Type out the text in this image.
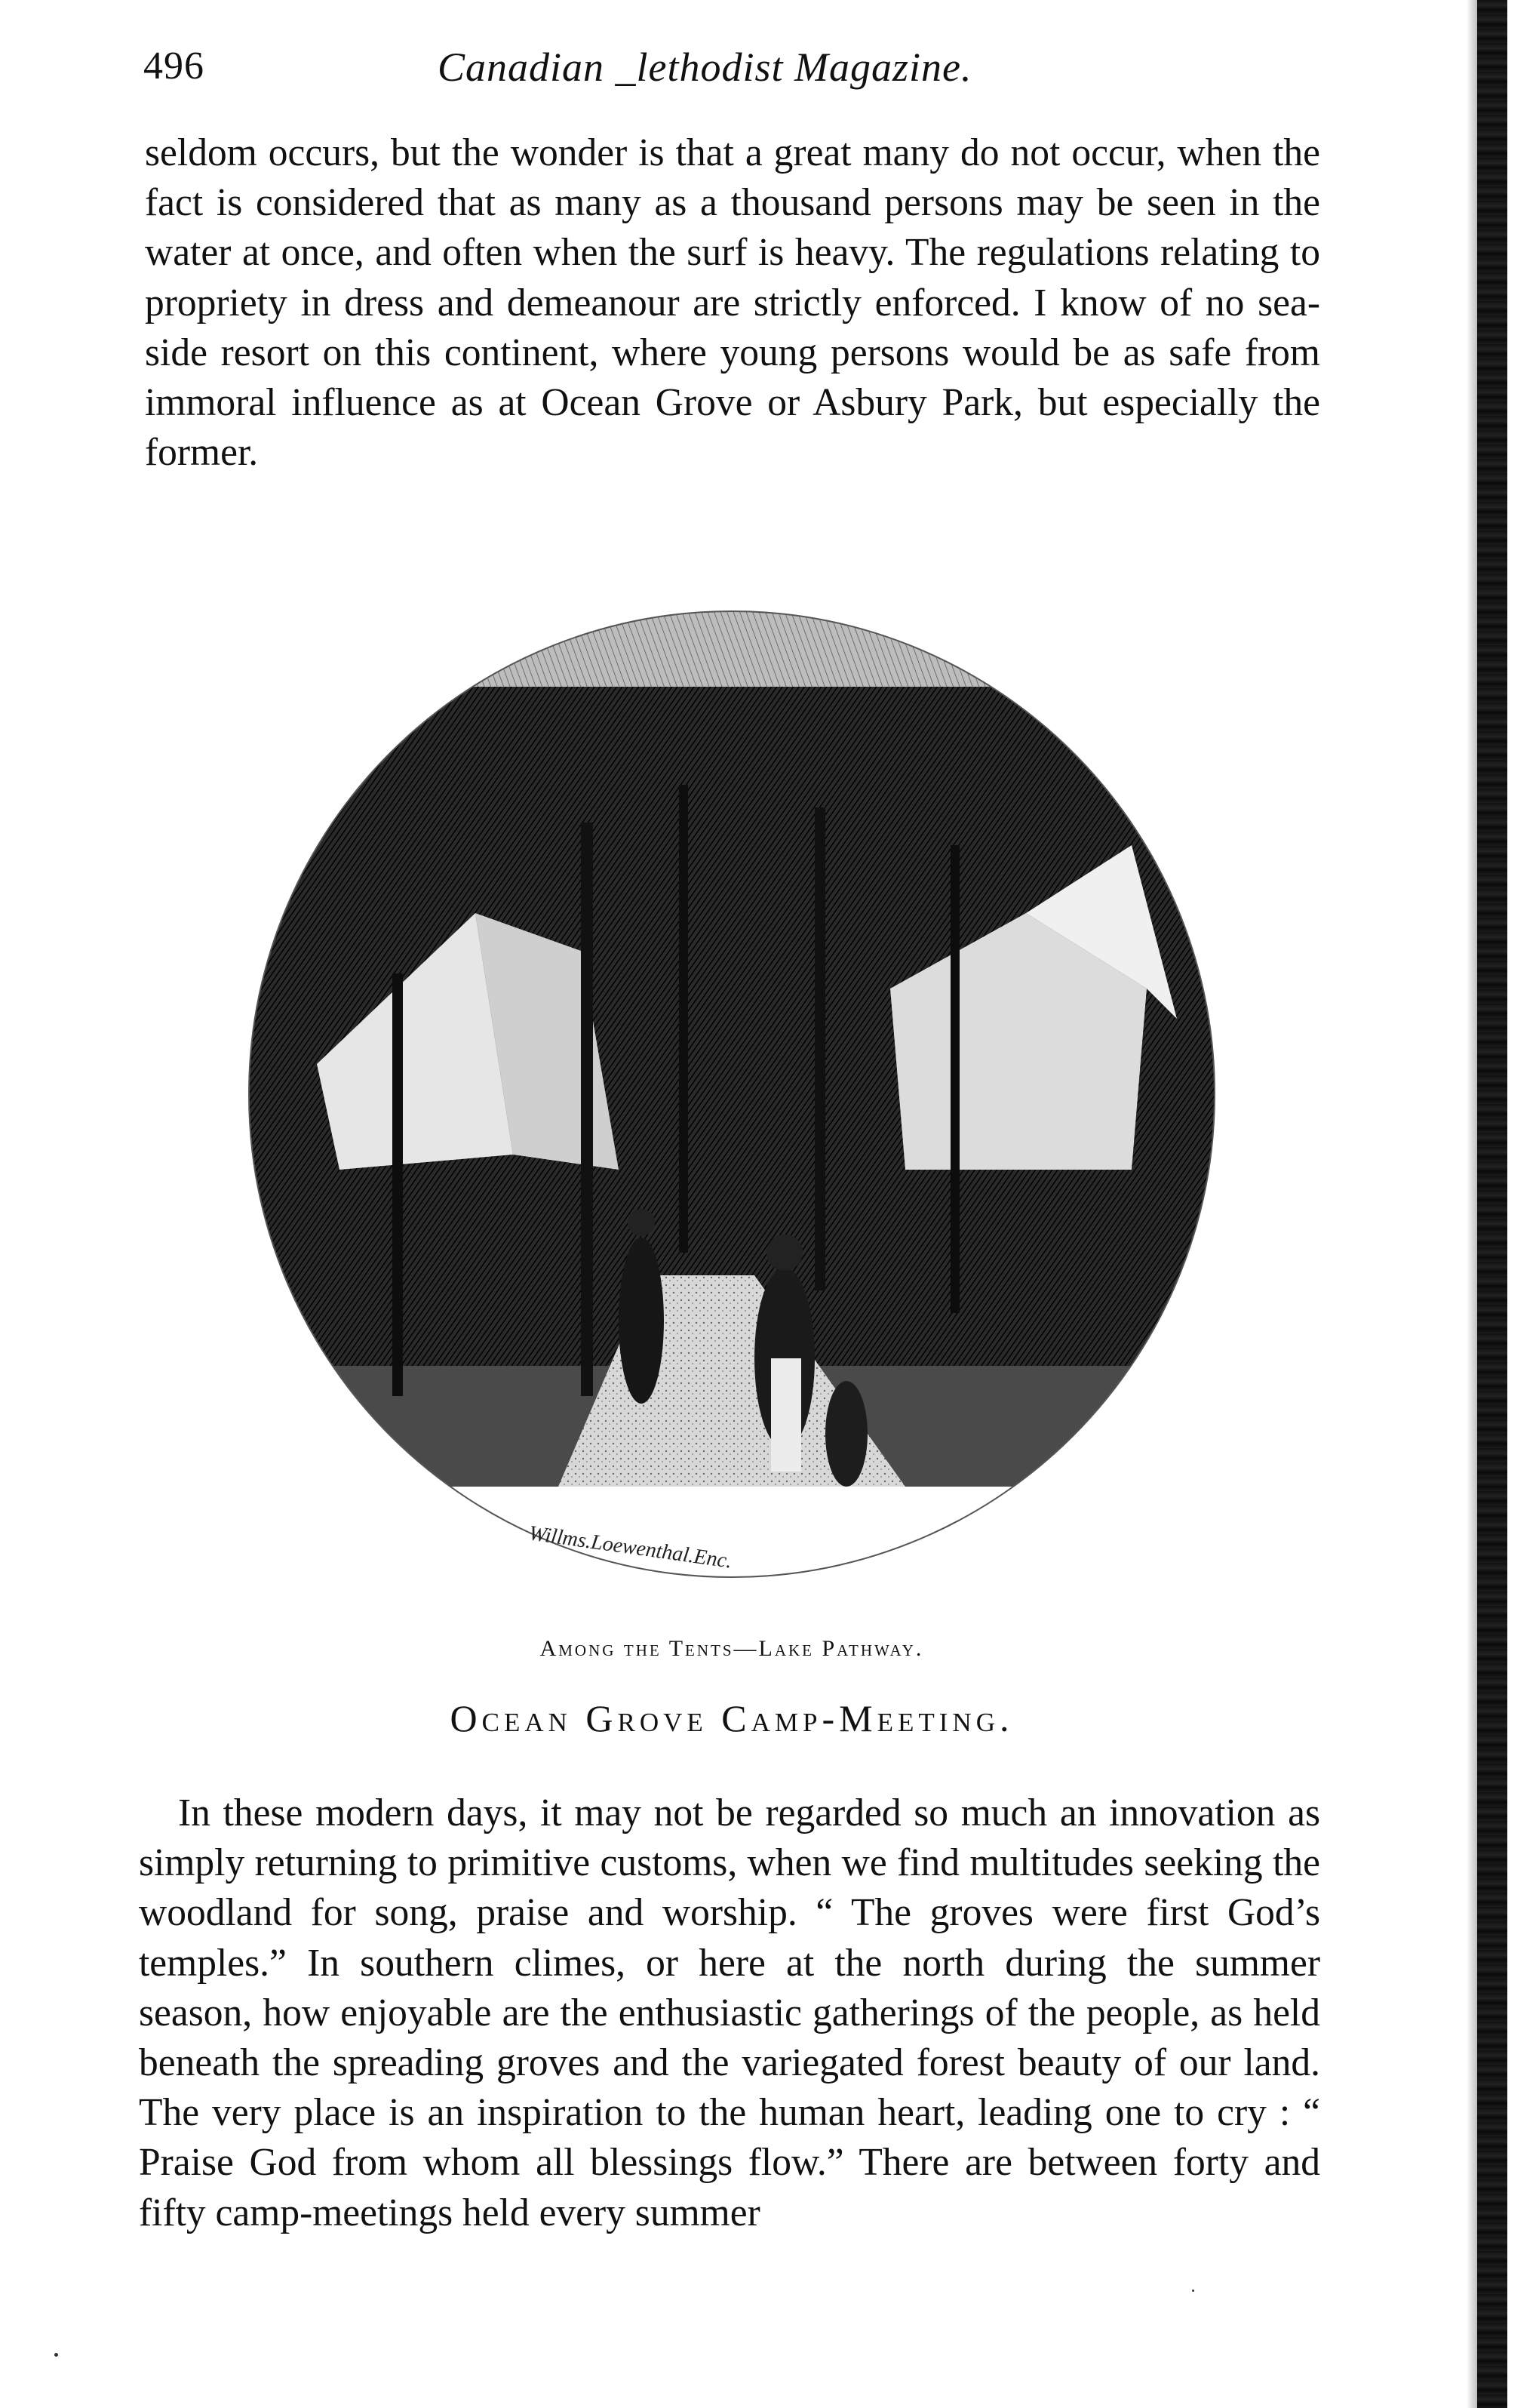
496	Canadian _lethodist Magazine.

seldom occurs, but the wonder is that a great many do not occur, when the fact is considered that as many as a thousand persons may be seen in the water at once, and often when the surf is heavy. The regulations relating to propriety in dress and demeanour are strictly enforced. I know of no sea-side resort on this continent, where young persons would be as safe from immoral influence as at Ocean Grove or Asbury Park, but especially the former.

Willms.Loewenthal.Enc.
Among the Tents—Lake Pathway.
Ocean Grove Camp-Meeting.

In these modern days, it may not be regarded so much an innovation as simply returning to primitive customs, when we find multitudes seeking the woodland for song, praise and worship. “ The groves were first God’s temples.” In southern climes, or here at the north during the summer season, how enjoyable are the enthusiastic gatherings of the people, as held beneath the spreading groves and the variegated forest beauty of our land. The very place is an inspiration to the human heart, leading one to cry : “ Praise God from whom all blessings flow.” There are between forty and fifty camp-meetings held every summer
